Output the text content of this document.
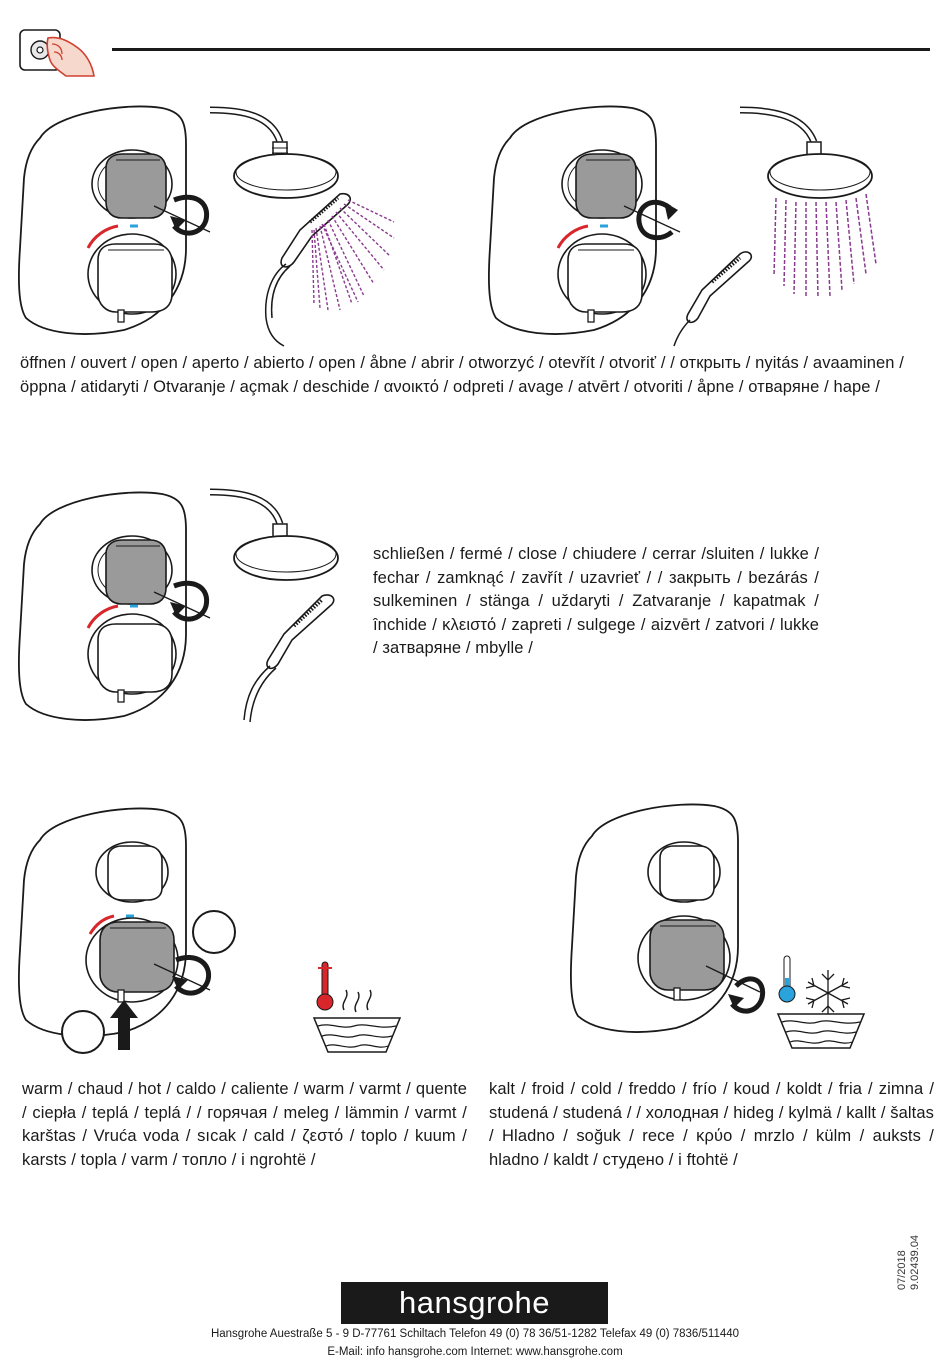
öffnen / ouvert / open / aperto / abierto / open / åbne / abrir / otworzyć / otevřít / otvoriť / / открыть / nyitás / avaaminen / öppna / atidaryti / Otvaranje / açmak / deschide / ανοικτό / odpreti / avage / atvērt / otvoriti / åpne / отваряне / hape /
schließen / fermé / close / chiudere / cerrar /sluiten / lukke / fechar / zamknąć / zavřít / uzavrieť / / закрыть / bezárás / sulkeminen / stänga / uždaryti / Zatvaranje / kapatmak / închide / κλειστό / zapreti / sulgege / aizvērt / zatvori / lukke / затваряне / mbylle /
warm / chaud / hot / caldo / caliente / warm / varmt / quente / ciepła / teplá / teplá / / горячая / meleg / lämmin / varmt / karštas / Vruća voda / sıcak / cald / ζεστό / toplo / kuum / karsts / topla / varm / топло / i ngrohtë /
kalt / froid / cold / freddo / frío / koud / koldt / fria / zimna / studená / studená / / холодная / hideg / kylmä / kallt / šaltas / Hladno / soğuk / rece / κρύο / mrzlo / külm / auksts / hladno / kaldt / студено / i ftohtë /
hansgrohe
Hansgrohe Auestraße 5 - 9 D-77761 Schiltach Telefon 49 (0) 78 36/51-1282 Telefax 49 (0) 7836/511440
E-Mail: info hansgrohe.com Internet: www.hansgrohe.com
07/2018 9.02439.04
